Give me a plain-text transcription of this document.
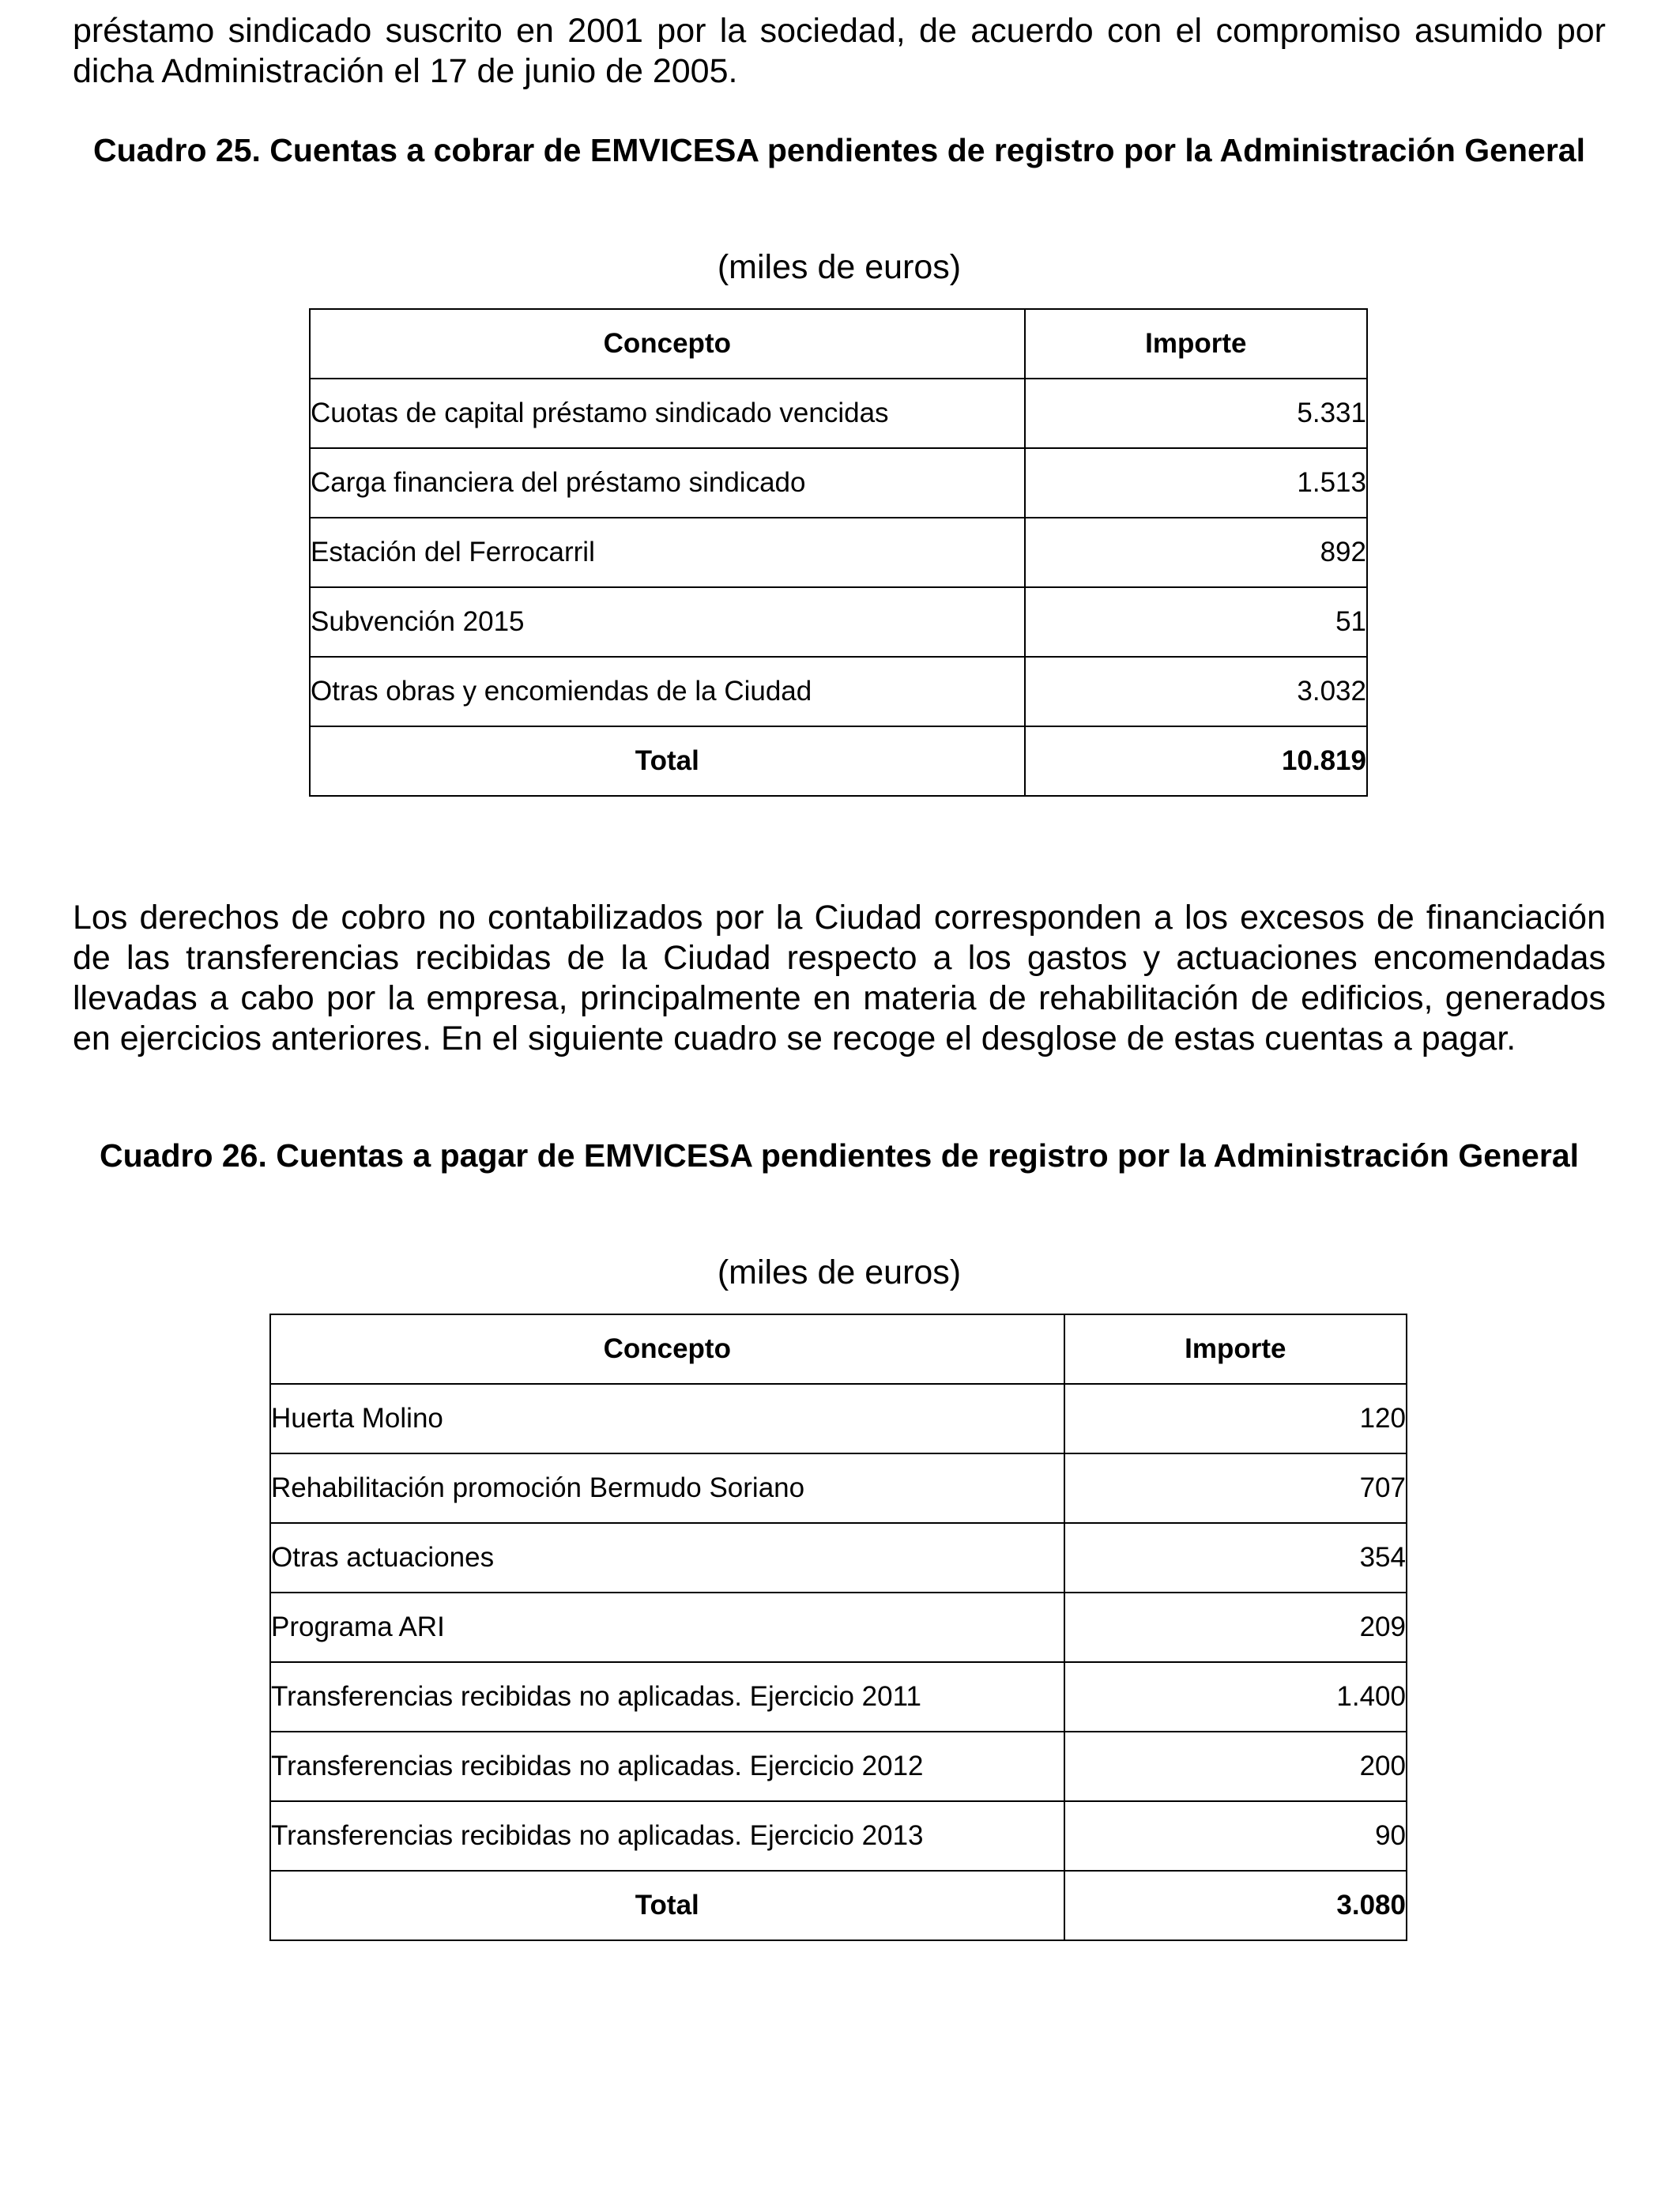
préstamo sindicado suscrito en 2001 por la sociedad, de acuerdo con el compromiso asumido por dicha Administración el 17 de junio de 2005.

Cuadro 25. Cuentas a cobrar de EMVICESA pendientes de registro por la Administración General

(miles de euros)

Concepto	Importe
Cuotas de capital préstamo sindicado vencidas	5.331
Carga financiera del préstamo sindicado	1.513
Estación del Ferrocarril	892
Subvención 2015	51
Otras obras y encomiendas de la Ciudad	3.032
Total	10.819

Los derechos de cobro no contabilizados por la Ciudad corresponden a los excesos de financiación de las transferencias recibidas de la Ciudad respecto a los gastos y actuaciones encomendadas llevadas a cabo por la empresa, principalmente en materia de rehabilitación de edificios, generados en ejercicios anteriores. En el siguiente cuadro se recoge el desglose de estas cuentas a pagar.

Cuadro 26. Cuentas a pagar de EMVICESA pendientes de registro por la Administración General

(miles de euros)

Concepto	Importe
Huerta Molino	120
Rehabilitación promoción Bermudo Soriano	707
Otras actuaciones	354
Programa ARI	209
Transferencias recibidas no aplicadas. Ejercicio 2011	1.400
Transferencias recibidas no aplicadas. Ejercicio 2012	200
Transferencias recibidas no aplicadas. Ejercicio 2013	90
Total	3.080
